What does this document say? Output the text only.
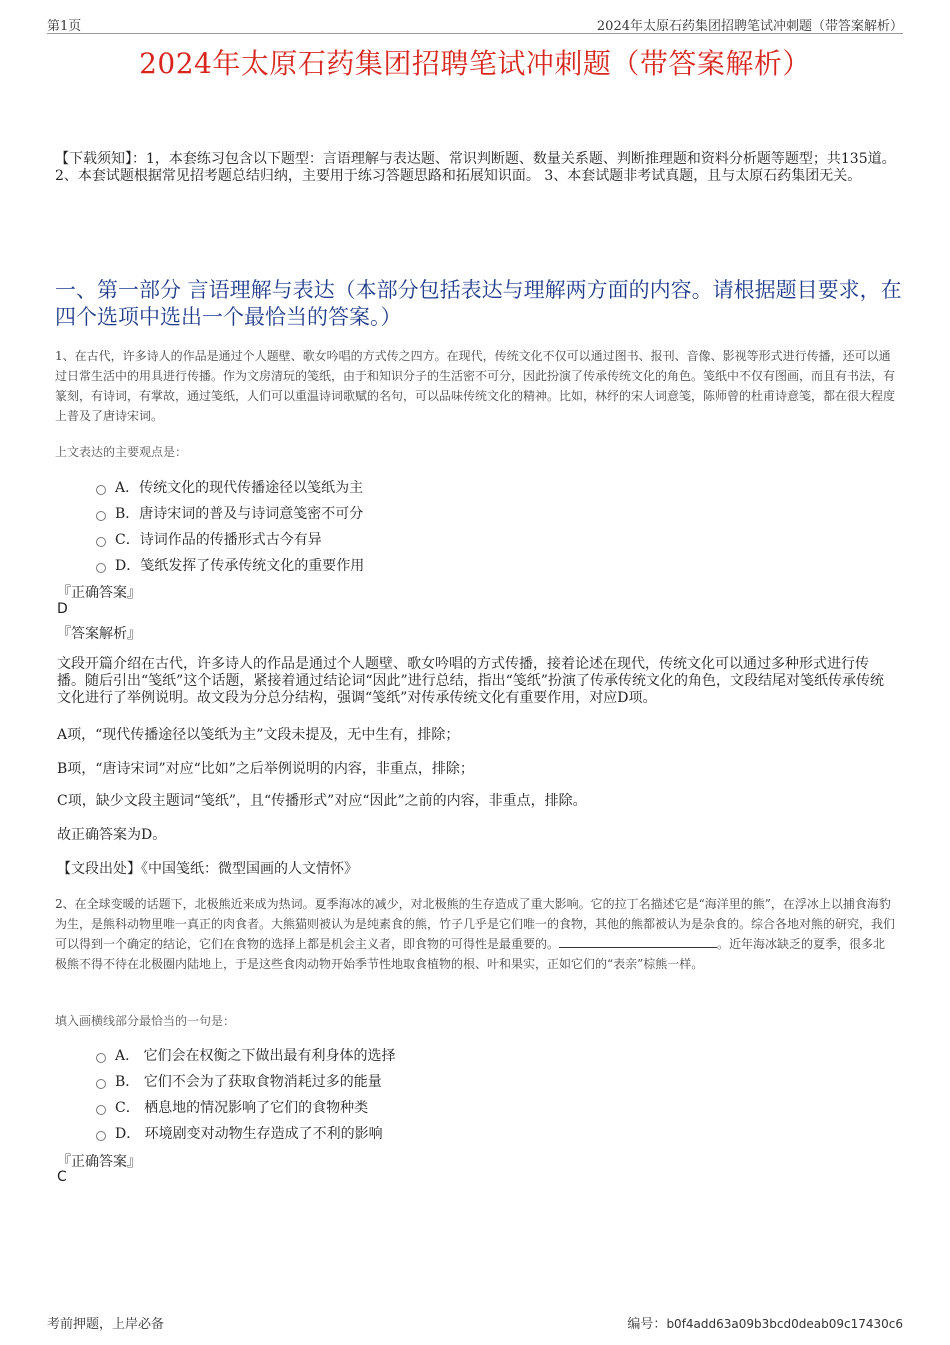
第1页	2024年太原石药集团招聘笔试冲刺题（带答案解析）
2024年太原石药集团招聘笔试冲刺题（带答案解析）
【下载须知】：1，本套练习包含以下题型：言语理解与表达题、常识判断题、数量关系题、判断推理题和资料分析题等题型；共135道。 2、本套试题根据常见招考题总结归纳，主要用于练习答题思路和拓展知识面。 3、本套试题非考试真题，且与太原石药集团无关。
一、第一部分 言语理解与表达（本部分包括表达与理解两方面的内容。请根据题目要求，在四个选项中选出一个最恰当的答案。）
1、在古代，许多诗人的作品是通过个人题壁、歌女吟唱的方式传之四方。在现代，传统文化不仅可以通过图书、报刊、音像、影视等形式进行传播，还可以通过日常生活中的用具进行传播。作为文房清玩的笺纸，由于和知识分子的生活密不可分，因此扮演了传承传统文化的角色。笺纸中不仅有图画，而且有书法，有篆刻，有诗词，有掌故，通过笺纸，人们可以重温诗词歌赋的名句，可以品味传统文化的精神。比如，林纾的宋人词意笺，陈师曾的杜甫诗意笺，都在很大程度上普及了唐诗宋词。
上文表达的主要观点是：
A．传统文化的现代传播途径以笺纸为主
B．唐诗宋词的普及与诗词意笺密不可分
C．诗词作品的传播形式古今有异
D．笺纸发挥了传承传统文化的重要作用
『正确答案』
D
『答案解析』
文段开篇介绍在古代，许多诗人的作品是通过个人题壁、歌女吟唱的方式传播，接着论述在现代，传统文化可以通过多种形式进行传播。随后引出“笺纸”这个话题，紧接着通过结论词“因此”进行总结，指出“笺纸”扮演了传承传统文化的角色，文段结尾对笺纸传承传统文化进行了举例说明。故文段为分总分结构，强调“笺纸”对传承传统文化有重要作用，对应D项。
A项，“现代传播途径以笺纸为主”文段未提及，无中生有，排除；
B项，“唐诗宋词”对应“比如”之后举例说明的内容，非重点，排除；
C项，缺少文段主题词“笺纸”，且“传播形式”对应“因此”之前的内容，非重点，排除。
故正确答案为D。
【文段出处】《中国笺纸：微型国画的人文情怀》
2、在全球变暖的话题下，北极熊近来成为热词。夏季海冰的减少，对北极熊的生存造成了重大影响。它的拉丁名描述它是“海洋里的熊”，在浮冰上以捕食海豹为生，是熊科动物里唯一真正的肉食者。大熊猫则被认为是纯素食的熊，竹子几乎是它们唯一的食物，其他的熊都被认为是杂食的。综合各地对熊的研究，我们可以得到一个确定的结论，它们在食物的选择上都是机会主义者，即食物的可得性是最重要的。	。近年海冰缺乏的夏季，很多北极熊不得不待在北极圈内陆地上，于是这些食肉动物开始季节性地取食植物的根、叶和果实，正如它们的“表亲”棕熊一样。
填入画横线部分最恰当的一句是：
A． 它们会在权衡之下做出最有利身体的选择
B． 它们不会为了获取食物消耗过多的能量
C． 栖息地的情况影响了它们的食物种类
D． 环境剧变对动物生存造成了不利的影响
『正确答案』
C
考前押题，上岸必备	编号：b0f4add63a09b3bcd0deab09c17430c6
